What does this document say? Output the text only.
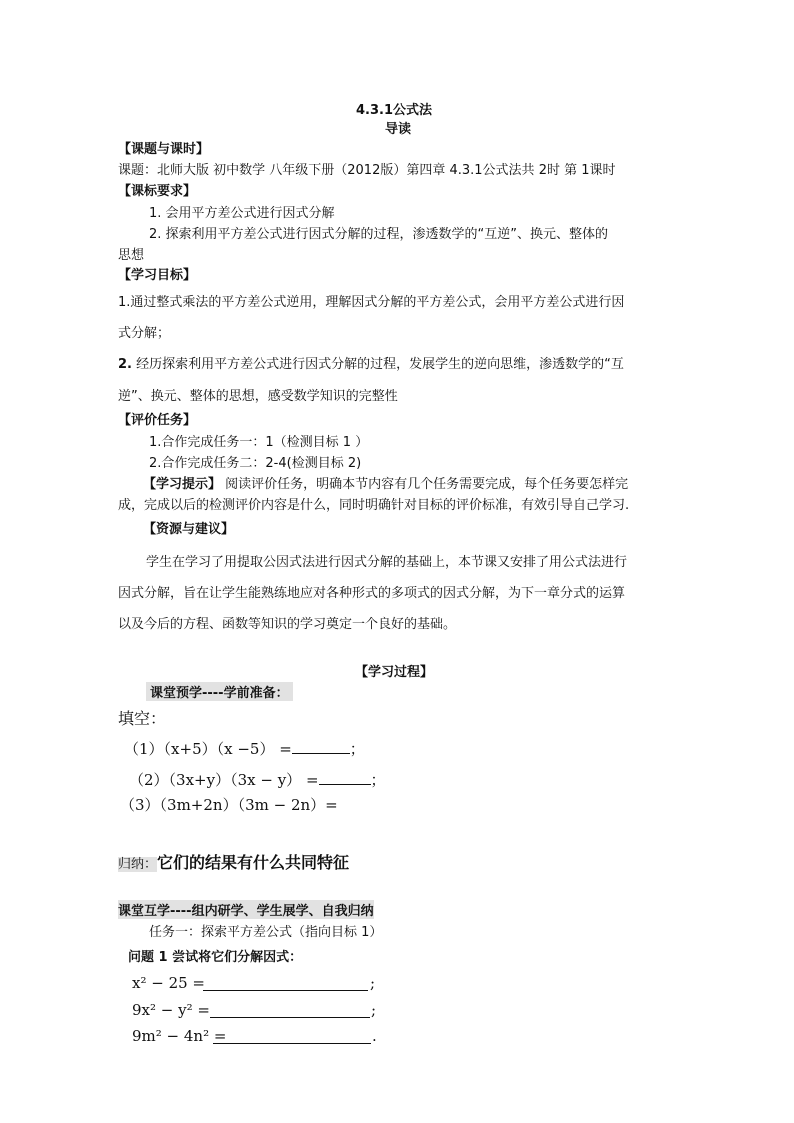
4.3.1公式法
导读
【课题与课时】
课题：北师大版 初中数学 八年级下册（2012版）第四章 4.3.1公式法共 2时 第 1课时
【课标要求】
1. 会用平方差公式进行因式分解
2. 探索利用平方差公式进行因式分解的过程，渗透数学的“互逆”、换元、整体的
思想
【学习目标】
1.通过整式乘法的平方差公式逆用，理解因式分解的平方差公式，会用平方差公式进行因
式分解；
2. 经历探索利用平方差公式进行因式分解的过程，发展学生的逆向思维，渗透数学的“互
逆”、换元、整体的思想，感受数学知识的完整性
【评价任务】
1.合作完成任务一：1（检测目标 1 ）
2.合作完成任务二：2-4(检测目标 2)
【学习提示】 阅读评价任务，明确本节内容有几个任务需要完成，每个任务要怎样完
成，完成以后的检测评价内容是什么，同时明确针对目标的评价标准，有效引导自己学习.
【资源与建议】
学生在学习了用提取公因式法进行因式分解的基础上，本节课又安排了用公式法进行
因式分解，旨在让学生能熟练地应对各种形式的多项式的因式分解，为下一章分式的运算
以及今后的方程、函数等知识的学习奠定一个良好的基础。
【学习过程】
课堂预学----学前准备：
填空：
（1）（x+5）（x −5） =	；
（2）（3x+y）（3x − y） =	；
（3）（3m+2n）（3m − 2n）=
归纳：它们的结果有什么共同特征
课堂互学----组内研学、学生展学、自我归纳
任务一：探索平方差公式（指向目标 1）
问题 1 尝试将它们分解因式：
x² − 25 =	;
9x² − y² =	;
9m² − 4n² =	.
